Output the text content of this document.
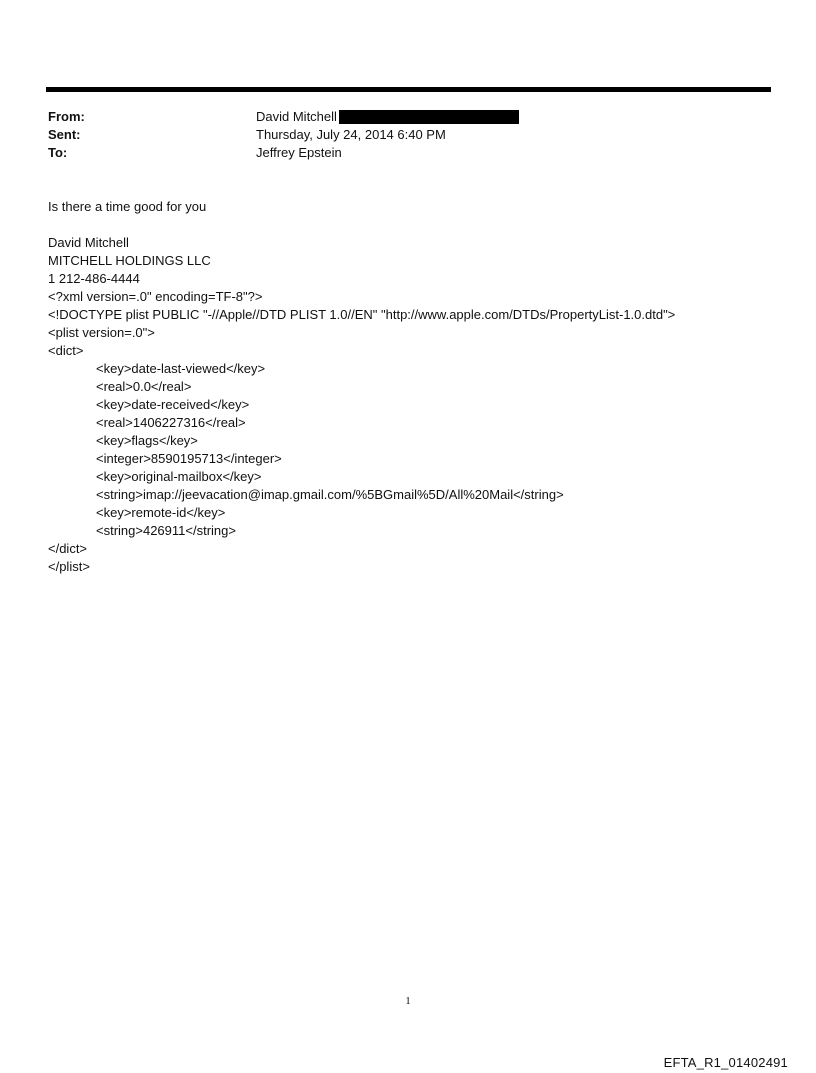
From:	David Mitchell
Sent:	Thursday, July 24, 2014 6:40 PM
To:	Jeffrey Epstein
Is there a time good for you
David Mitchell
MITCHELL HOLDINGS LLC
1 212-486-4444
<?xml version=.0" encoding=TF-8"?>
<!DOCTYPE plist PUBLIC "-//Apple//DTD PLIST 1.0//EN" "http://www.apple.com/DTDs/PropertyList-1.0.dtd">
<plist version=.0">
<dict>
<key>date-last-viewed</key>
<real>0.0</real>
<key>date-received</key>
<real>1406227316</real>
<key>flags</key>
<integer>8590195713</integer>
<key>original-mailbox</key>
<string>imap://jeevacation@imap.gmail.com/%5BGmail%5D/All%20Mail</string>
<key>remote-id</key>
<string>426911</string>
</dict>
</plist>
1
EFTA_R1_01402491
